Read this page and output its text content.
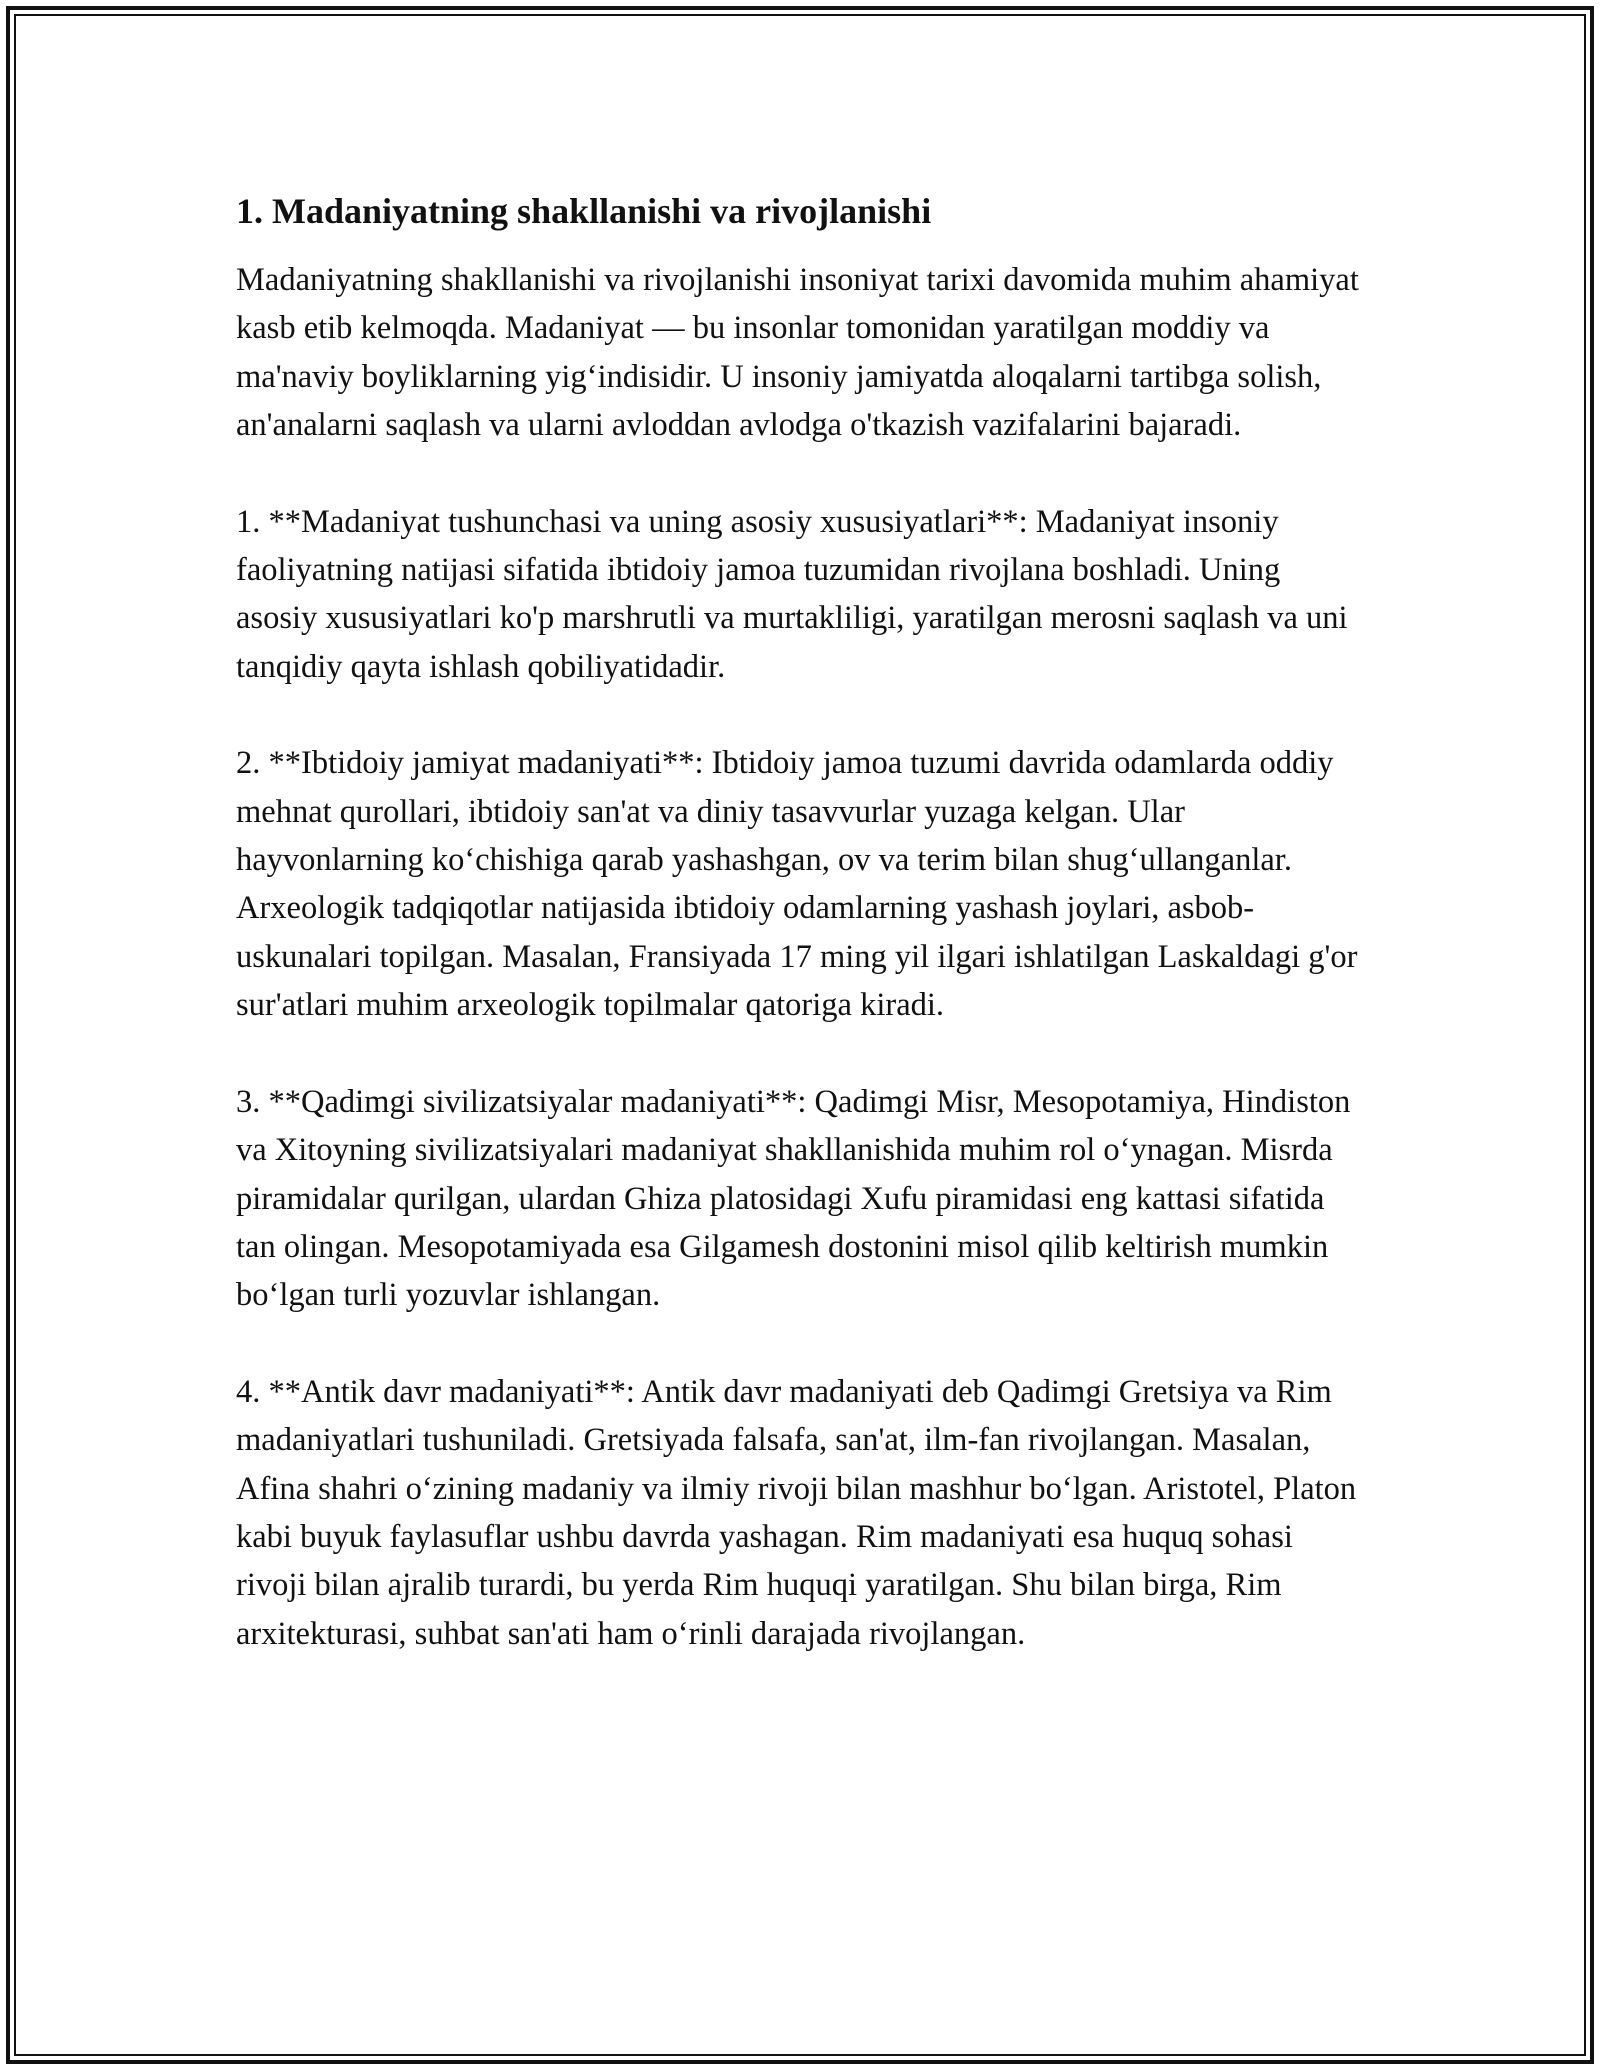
1. Madaniyatning shakllanishi va rivojlanishi

Madaniyatning shakllanishi va rivojlanishi insoniyat tarixi davomida muhim ahamiyat kasb etib kelmoqda. Madaniyat — bu insonlar tomonidan yaratilgan moddiy va ma'naviy boyliklarning yig‘indisidir. U insoniy jamiyatda aloqalarni tartibga solish, an'analarni saqlash va ularni avloddan avlodga o'tkazish vazifalarini bajaradi.

1. **Madaniyat tushunchasi va uning asosiy xususiyatlari**: Madaniyat insoniy faoliyatning natijasi sifatida ibtidoiy jamoa tuzumidan rivojlana boshladi. Uning asosiy xususiyatlari ko'p marshrutli va murtakliligi, yaratilgan merosni saqlash va uni tanqidiy qayta ishlash qobiliyatidadir.

2. **Ibtidoiy jamiyat madaniyati**: Ibtidoiy jamoa tuzumi davrida odamlarda oddiy mehnat qurollari, ibtidoiy san'at va diniy tasavvurlar yuzaga kelgan. Ular hayvonlarning ko‘chishiga qarab yashashgan, ov va terim bilan shug‘ullanganlar. Arxeologik tadqiqotlar natijasida ibtidoiy odamlarning yashash joylari, asbob-uskunalari topilgan. Masalan, Fransiyada 17 ming yil ilgari ishlatilgan Laskaldagi g'or sur'atlari muhim arxeologik topilmalar qatoriga kiradi.

3. **Qadimgi sivilizatsiyalar madaniyati**: Qadimgi Misr, Mesopotamiya, Hindiston va Xitoyning sivilizatsiyalari madaniyat shakllanishida muhim rol o‘ynagan. Misrda piramidalar qurilgan, ulardan Ghiza platosidagi Xufu piramidasi eng kattasi sifatida tan olingan. Mesopotamiyada esa Gilgamesh dostonini misol qilib keltirish mumkin bo‘lgan turli yozuvlar ishlangan.

4. **Antik davr madaniyati**: Antik davr madaniyati deb Qadimgi Gretsiya va Rim madaniyatlari tushuniladi. Gretsiyada falsafa, san'at, ilm-fan rivojlangan. Masalan, Afina shahri o‘zining madaniy va ilmiy rivoji bilan mashhur bo‘lgan. Aristotel, Platon kabi buyuk faylasuflar ushbu davrda yashagan. Rim madaniyati esa huquq sohasi rivoji bilan ajralib turardi, bu yerda Rim huquqi yaratilgan. Shu bilan birga, Rim arxitekturasi, suhbat san'ati ham o‘rinli darajada rivojlangan.
